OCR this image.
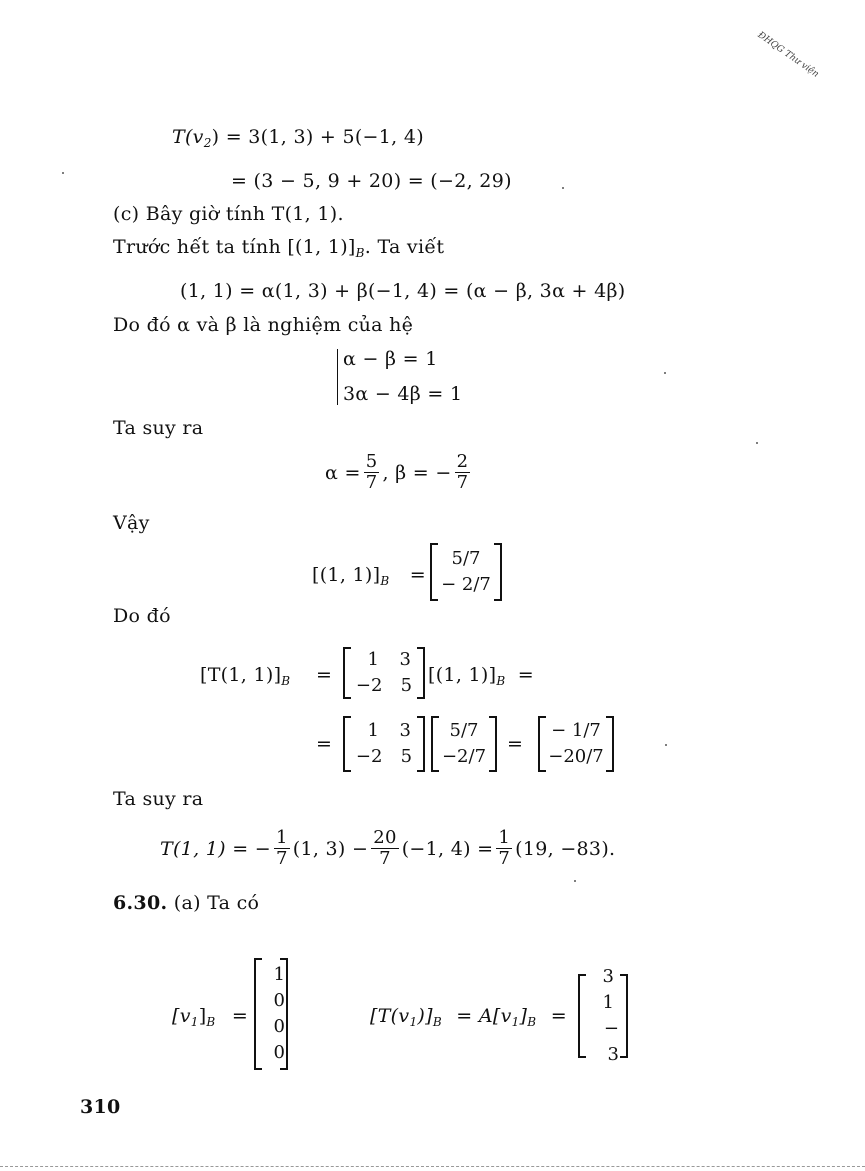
ĐHQG Thư viện
$T(v_2) = 3(1$, 3) + 5(−1, 4)
= (3 − 5, 9 + 20) = (−2, 29)
(c) Bây giờ tính T(1, 1).
Trước hết ta tính [(1, $1)]_B$. Ta viết
(1, 1) = α(1, 3) + β(−1, 4) = (α − β, 3α + 4β)
Do đó α và β là nghiệm của hệ
α − β = 1
3α − 4β = 1
Ta suy ra
$\alpha = \frac{5}{7}$ , β = − $\frac{2}{7}$
Vậy
[(1, $1)]_B$ =
5/7
− 2/7
Do đó
[T(1, $1)]_B$ =
1	3
−2	5 [(1, $1)]_B$ =
=
1	3
−2	5
5/7
−2/7
=
− 1/7
−20/7
Ta suy ra
T(1, 1) = − $\frac{1}{7} (1$, $3) - \frac{20}{7} (-1$, $4) = \frac{1}{7} (19$, −83).
6.30. (a) Ta có
$[v_1]_B$ =
1
0
0
0
$[T(v_1)]_B = A[v_1]_B$ =
3
1
− 3
310
